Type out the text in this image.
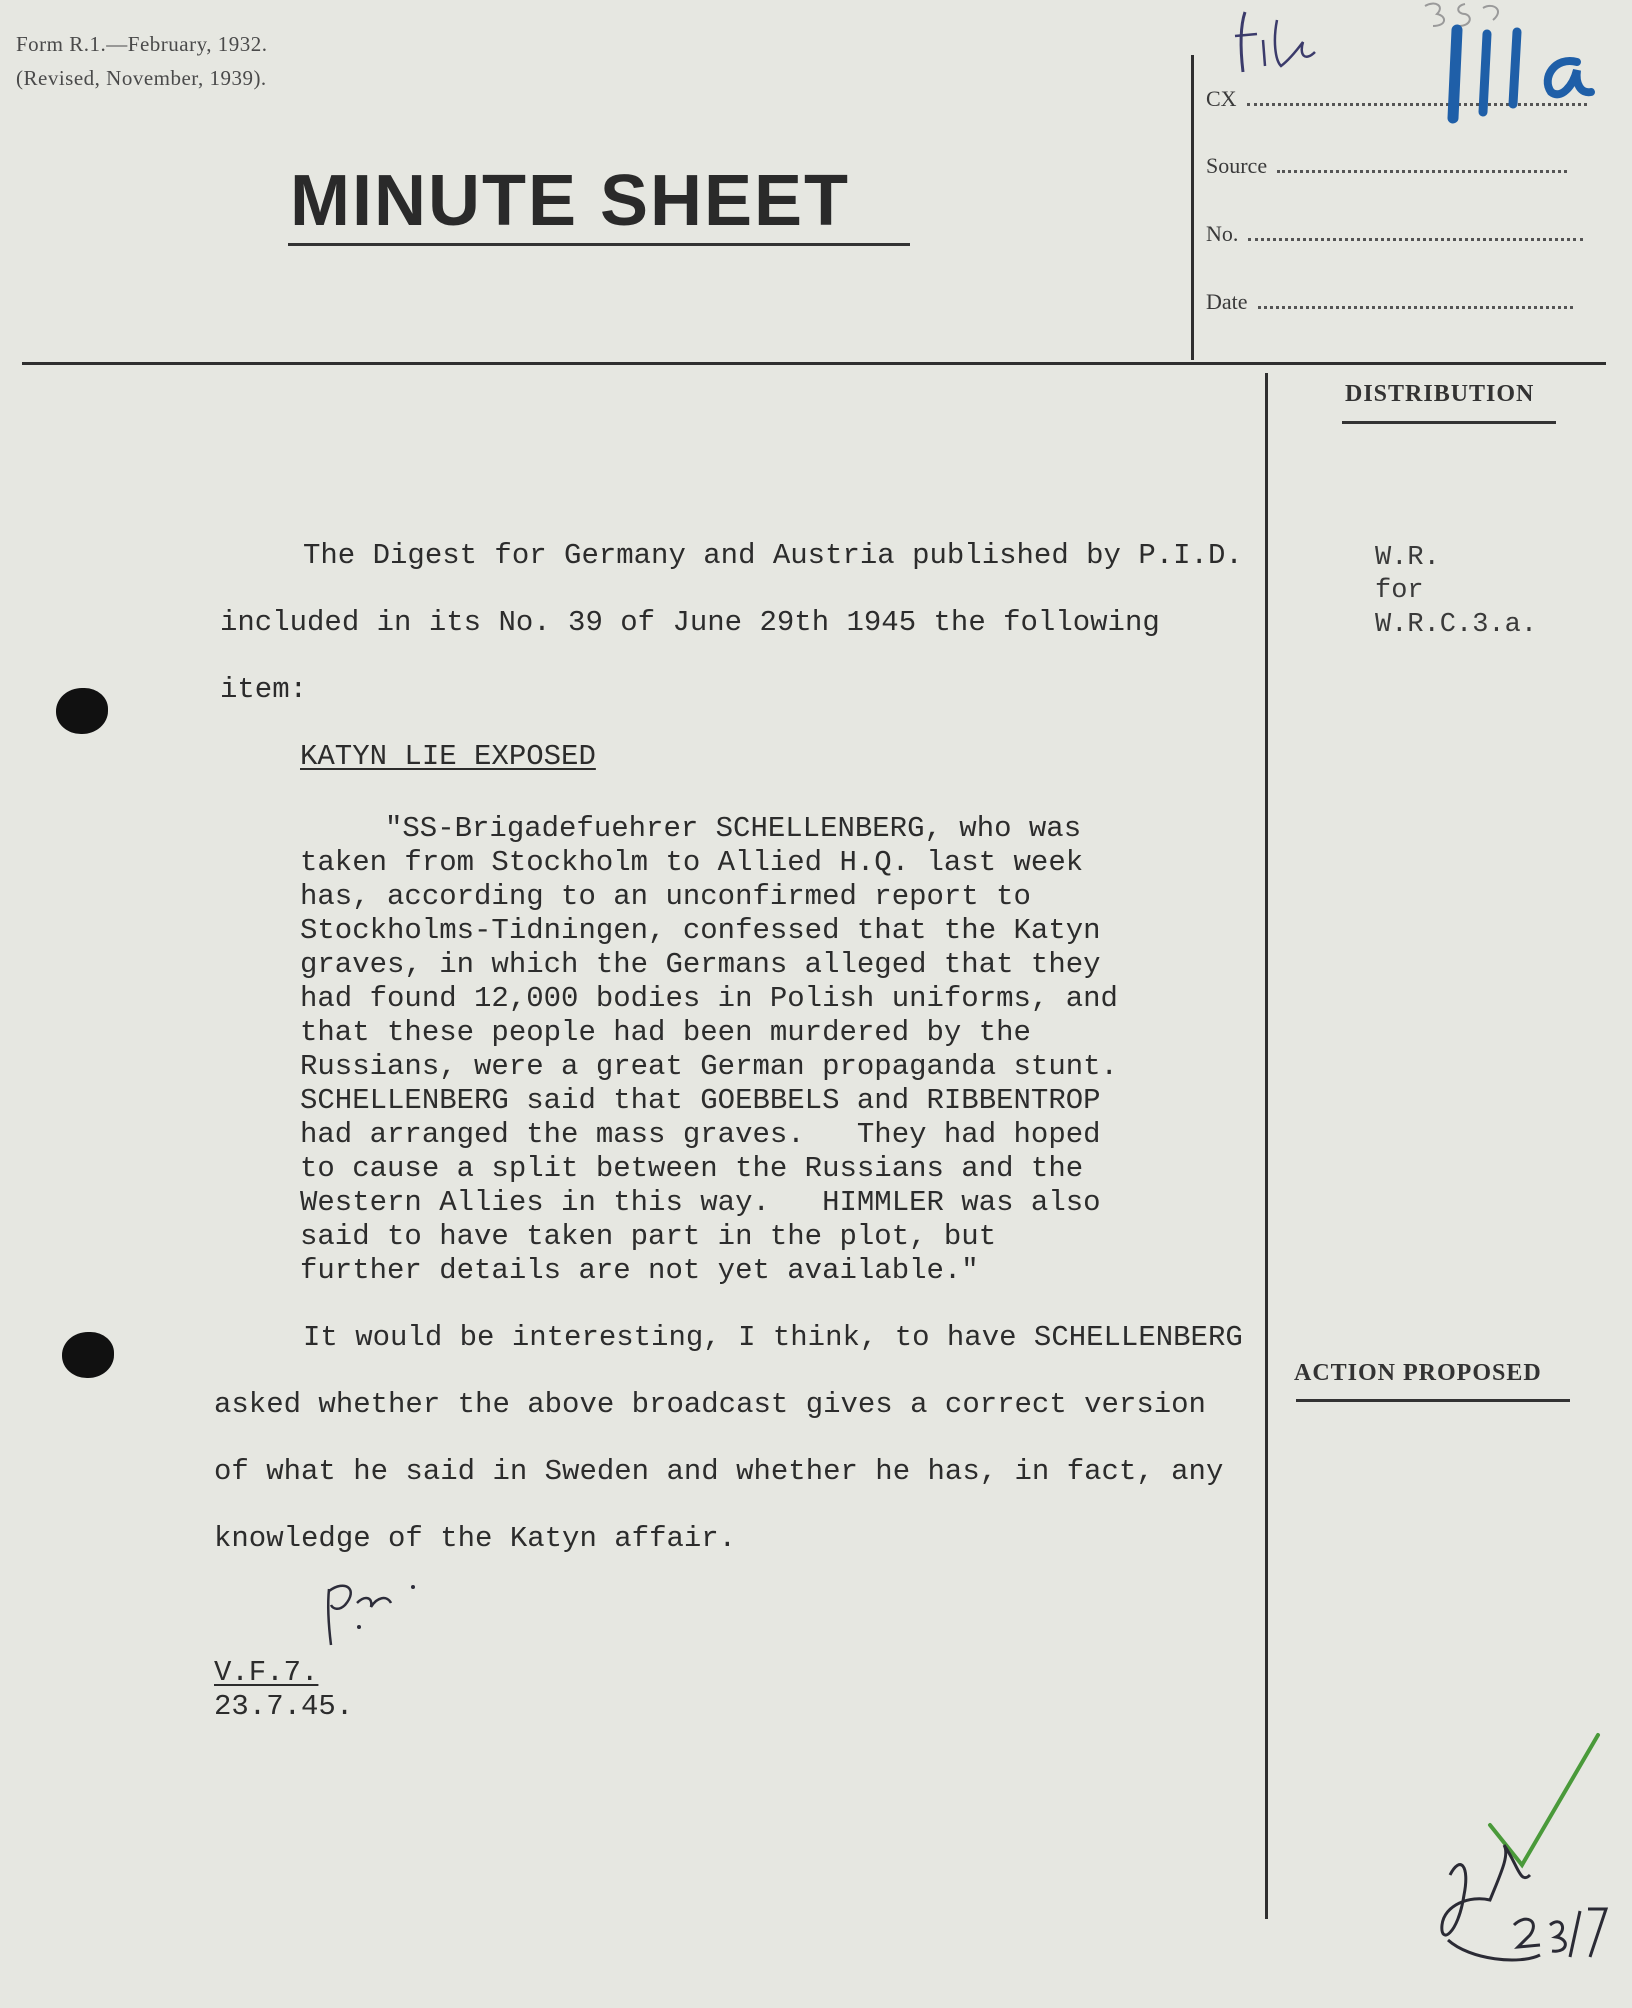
Form R.1.—February, 1932.
(Revised, November, 1939).
MINUTE SHEET
CX
Source
No.
Date
DISTRIBUTION
W.R.
for
W.R.C.3.a.
ACTION PROPOSED
The Digest for Germany and Austria published by P.I.D.
included in its No. 39 of June 29th 1945 the following
item:
KATYN LIE EXPOSED
"SS-Brigadefuehrer SCHELLENBERG, who was
taken from Stockholm to Allied H.Q. last week
has, according to an unconfirmed report to
Stockholms-Tidningen, confessed that the Katyn
graves, in which the Germans alleged that they
had found 12,000 bodies in Polish uniforms, and
that these people had been murdered by the
Russians, were a great German propaganda stunt.
SCHELLENBERG said that GOEBBELS and RIBBENTROP
had arranged the mass graves.   They had hoped
to cause a split between the Russians and the
Western Allies in this way.   HIMMLER was also
said to have taken part in the plot, but
further details are not yet available."
It would be interesting, I think, to have SCHELLENBERG
asked whether the above broadcast gives a correct version
of what he said in Sweden and whether he has, in fact, any
knowledge of the Katyn affair.
V.F.7.
23.7.45.
